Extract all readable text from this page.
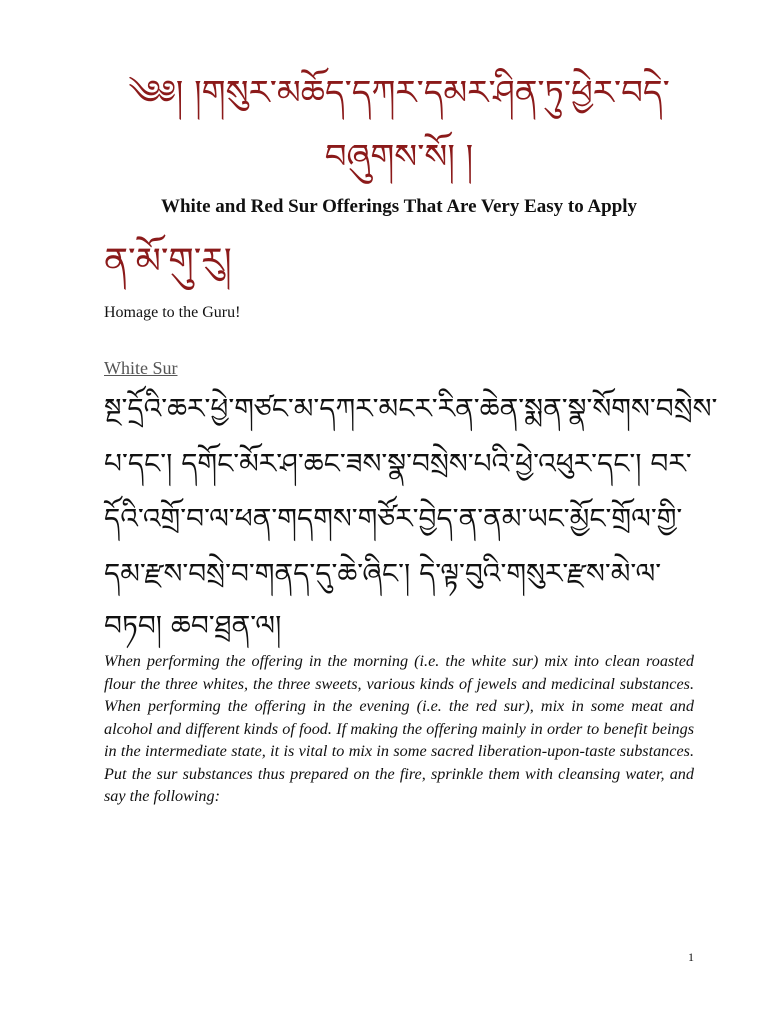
༄༅། །གསུར་མཆོད་དཀར་དམར་ཤིན་ཏུ་ཕྱེར་བདེ་
བཞུགས་སོ། །
White and Red Sur Offerings That Are Very Easy to Apply
ན་མོ་གུ་རུ།
Homage to the Guru!
White Sur
སྔ་དྲོའི་ཆར་ཕྱེ་གཙང་མ་དཀར་མངར་རིན་ཆེན་སྨན་སྣ་སོགས་བསྲེས་
པ་དང་། དགོང་མོར་ཤ་ཆང་ཟས་སྣ་བསྲེས་པའི་ཕྱེ་འཕུར་དང་། བར་
དོའི་འགྲོ་བ་ལ་ཕན་གདགས་གཙོར་བྱེད་ན་ནམ་ཡང་མྱོང་གྲོལ་གྱི་
དམ་རྫས་བསྲེ་བ་གནད་དུ་ཆེ་ཞིང་། དེ་ལྟ་བུའི་གསུར་རྫས་མེ་ལ་
བཏབ། ཆབ་ཐྲན་ལ།

When performing the offering in the morning (i.e. the white sur) mix into clean roasted flour the three whites, the three sweets, various kinds of jewels and medicinal substances. When performing the offering in the evening (i.e. the red sur), mix in some meat and alcohol and different kinds of food. If making the offering mainly in order to benefit beings in the intermediate state, it is vital to mix in some sacred liberation-upon-taste substances. Put the sur substances thus prepared on the fire, sprinkle them with cleansing water, and say the following:

1
